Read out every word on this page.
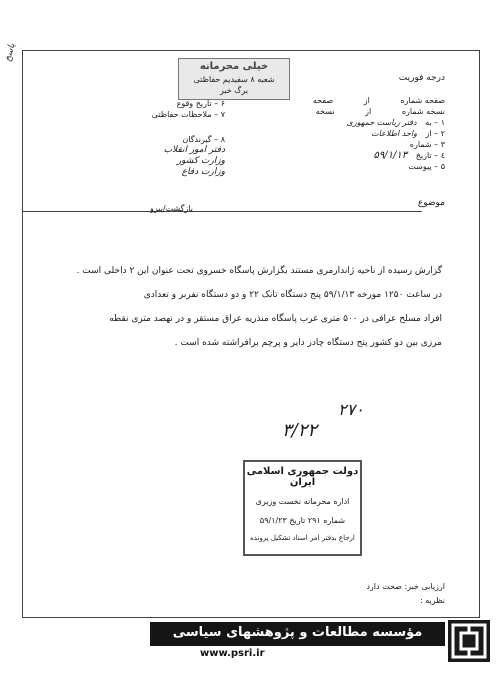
پاسخ
خیلی محرمانه
شعبه ۸ سفیدیم حفاظتی
برگ خبر
درجه فوریت
صفحه شماره از صفحه
نسخه شماره از نسخه
۱ – به دفتر ریاست جمهوری
۲ – از واحد اطلاعات
۳ – شماره
٤ – تاریخ ۵۹/۱/۱۳
۵ – پیوست
موضوع
۶ – تاریخ وقوع
۷ – ملاحظات حفاظتی
۸ – گیرندگان
دفتر امور انقلاب
وزارت کشور
وزارت دفاع
بازگشت/پیرو
گزارش رسیده از ناحیه ژاندارمری مستند بگزارش پاسگاه خسروی تحت عنوان این ۲ داخلی است .
در ساعت ۱۲۵۰ مورخه ۵۹/۱/۱۳ پنج دستگاه تانک ۲۲ و دو دستگاه نفربر و تعدادی
افراد مسلح عراقی در ۵۰۰ متری غرب پاسگاه منذریه عراق مستقر و در نهصد متری نقطه
مرزی بین دو کشور پنج دستگاه چادر دایر و پرچم برافراشته شده است .
۲۷۰
۳/۲۲
دولت جمهوری اسلامی ایران
اداره محرمانه نخست وزیری
شماره ۲۹۱ تاریخ ۵۹/۱/۲۳
ارجاع بدفتر امر اسناد تشکیل پرونده
ارزیابی خبر: صحت دارد
نظریه :
مؤسسه مطالعات و پژوهشهای سیاسی
www.psri.ir
